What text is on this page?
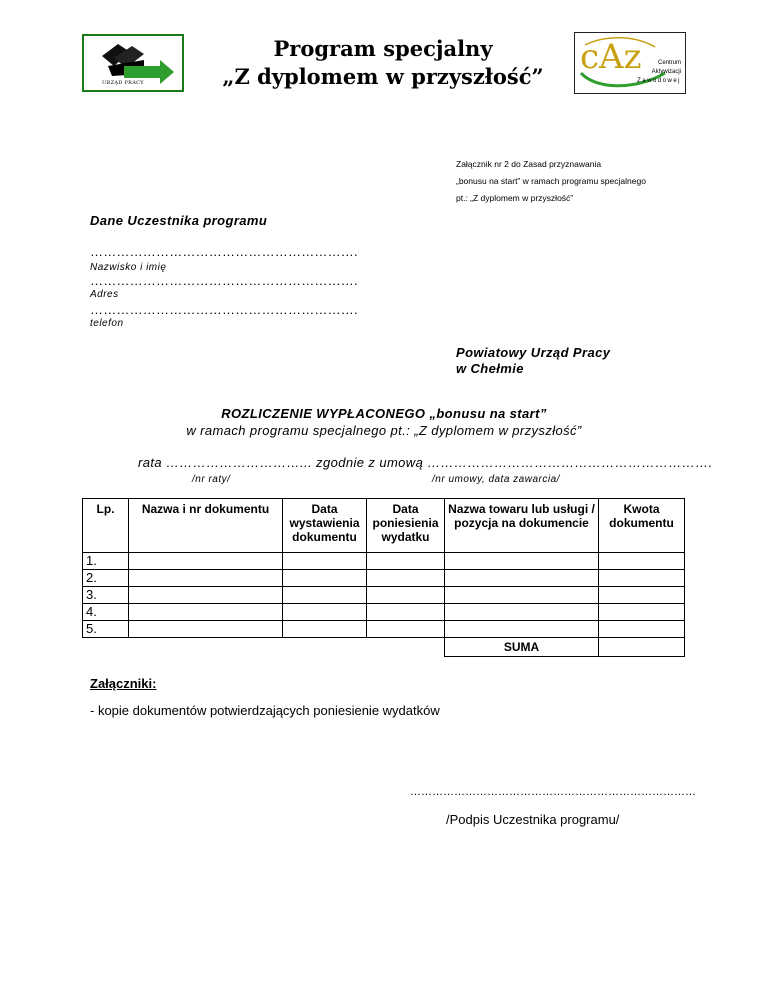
URZĄD PRACY
Program specjalny
„Z dyplomem w przyszłość”	cAz	Centrum
Aktywizacji
Zawodowej
Załącznik nr 2 do Zasad przyznawania
„bonusu na start” w ramach programu specjalnego
pt.: „Z dyplomem w przyszłość”
Dane Uczestnika programu
…………………………………………………….
Nazwisko i imię
…………………………………………………….
Adres
…………………………………………………….
telefon
Powiatowy Urząd Pracy
w Chełmie
ROZLICZENIE WYPŁACONEGO „bonusu na start”
w ramach programu specjalnego pt.: „Z dyplomem w przyszłość”
rata …………………………... zgodnie z umową ……………………………………………………….
/nr raty/	/nr umowy, data zawarcia/
Lp.	Nazwa i nr dokumentu	Data wystawienia dokumentu	Data poniesienia wydatku	Nazwa towaru lub usługi / pozycja na dokumencie	Kwota dokumentu
1.					
2.					
3.					
4.					
5.					
				SUMA	
Załączniki:
- kopie dokumentów potwierdzających poniesienie wydatków
……………………………………………………………………
/Podpis Uczestnika programu/
